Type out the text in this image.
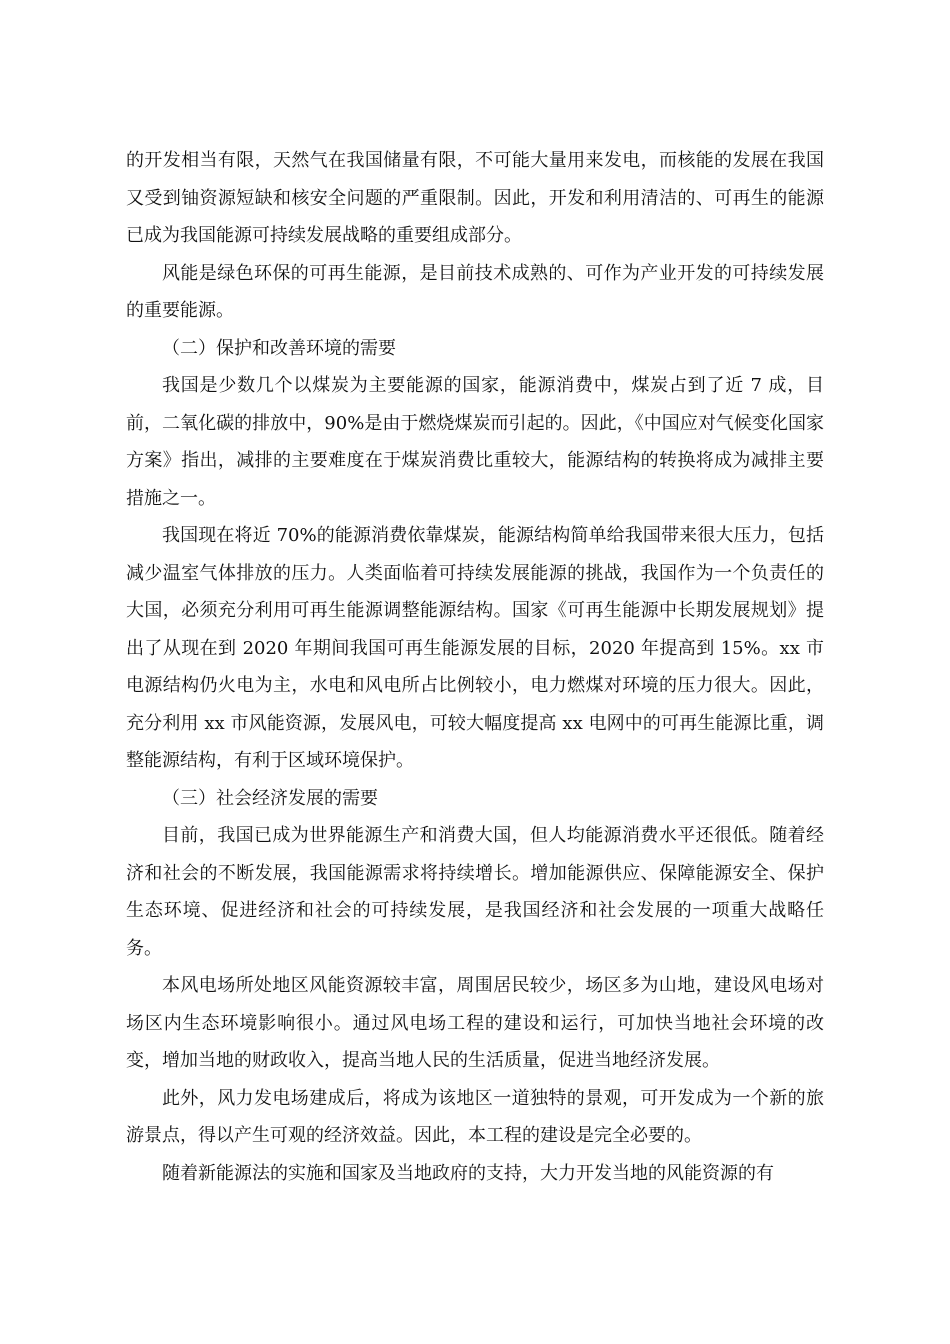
的开发相当有限，天然气在我国储量有限，不可能大量用来发电，而核能的发展在我国又受到铀资源短缺和核安全问题的严重限制。因此，开发和利用清洁的、可再生的能源已成为我国能源可持续发展战略的重要组成部分。

风能是绿色环保的可再生能源，是目前技术成熟的、可作为产业开发的可持续发展的重要能源。

（二）保护和改善环境的需要

我国是少数几个以煤炭为主要能源的国家，能源消费中，煤炭占到了近 7 成，目前，二氧化碳的排放中，90%是由于燃烧煤炭而引起的。因此，《中国应对气候变化国家方案》指出，减排的主要难度在于煤炭消费比重较大，能源结构的转换将成为减排主要措施之一。

我国现在将近 70%的能源消费依靠煤炭，能源结构简单给我国带来很大压力，包括减少温室气体排放的压力。人类面临着可持续发展能源的挑战，我国作为一个负责任的大国，必须充分利用可再生能源调整能源结构。国家《可再生能源中长期发展规划》提出了从现在到 2020 年期间我国可再生能源发展的目标，2020 年提高到 15%。xx 市电源结构仍火电为主，水电和风电所占比例较小，电力燃煤对环境的压力很大。因此，充分利用 xx 市风能资源，发展风电，可较大幅度提高 xx 电网中的可再生能源比重，调整能源结构，有利于区域环境保护。

（三）社会经济发展的需要

目前，我国已成为世界能源生产和消费大国，但人均能源消费水平还很低。随着经济和社会的不断发展，我国能源需求将持续增长。增加能源供应、保障能源安全、保护生态环境、促进经济和社会的可持续发展，是我国经济和社会发展的一项重大战略任务。

本风电场所处地区风能资源较丰富，周围居民较少，场区多为山地，建设风电场对场区内生态环境影响很小。通过风电场工程的建设和运行，可加快当地社会环境的改变，增加当地的财政收入，提高当地人民的生活质量，促进当地经济发展。

此外，风力发电场建成后，将成为该地区一道独特的景观，可开发成为一个新的旅游景点，得以产生可观的经济效益。因此，本工程的建设是完全必要的。

随着新能源法的实施和国家及当地政府的支持，大力开发当地的风能资源的有
